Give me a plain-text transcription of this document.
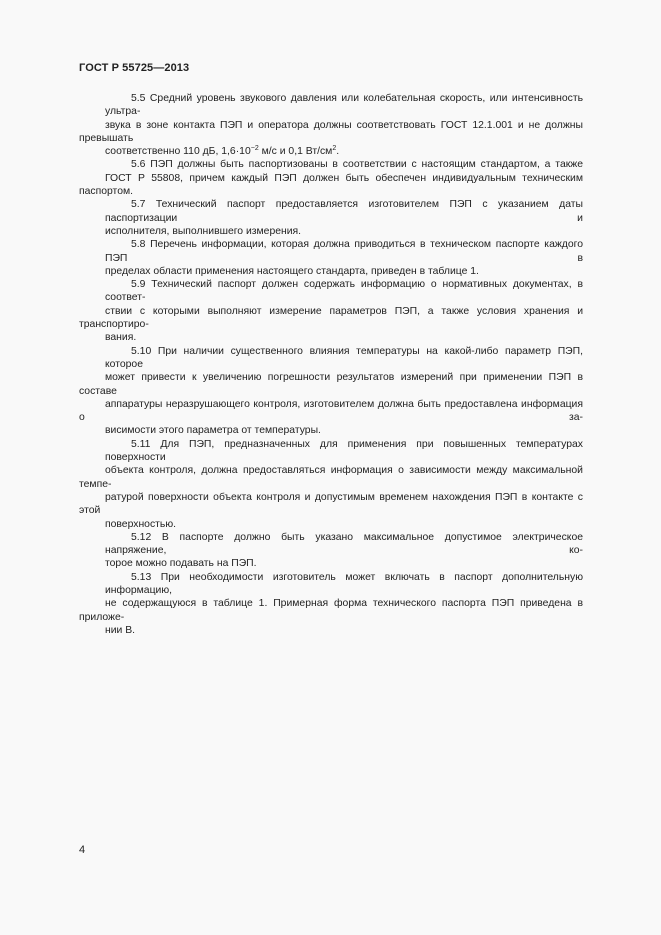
ГОСТ Р 55725—2013
5.5 Средний уровень звукового давления или колебательная скорость, или интенсивность ультра-
звука в зоне контакта ПЭП и оператора должны соответствовать ГОСТ 12.1.001 и не должны превышать
соответственно 110 дБ, $1,6\cdot 10^{-2}$ м/с и 0,1 $Вт/см^2$.
5.6 ПЭП должны быть паспортизованы в соответствии с настоящим стандартом, а также
ГОСТ Р 55808, причем каждый ПЭП должен быть обеспечен индивидуальным техническим паспортом.
5.7 Технический паспорт предоставляется изготовителем ПЭП с указанием даты паспортизации и
исполнителя, выполнившего измерения.
5.8 Перечень информации, которая должна приводиться в техническом паспорте каждого ПЭП в
пределах области применения настоящего стандарта, приведен в таблице 1.
5.9 Технический паспорт должен содержать информацию о нормативных документах, в соответ-
ствии с которыми выполняют измерение параметров ПЭП, а также условия хранения и транспортиро-
вания.
5.10 При наличии существенного влияния температуры на какой-либо параметр ПЭП, которое
может привести к увеличению погрешности результатов измерений при применении ПЭП в составе
аппаратуры неразрушающего контроля, изготовителем должна быть предоставлена информация о за-
висимости этого параметра от температуры.
5.11 Для ПЭП, предназначенных для применения при повышенных температурах поверхности
объекта контроля, должна предоставляться информация о зависимости между максимальной темпе-
ратурой поверхности объекта контроля и допустимым временем нахождения ПЭП в контакте с этой
поверхностью.
5.12 В паспорте должно быть указано максимальное допустимое электрическое напряжение, ко-
торое можно подавать на ПЭП.
5.13 При необходимости изготовитель может включать в паспорт дополнительную информацию,
не содержащуюся в таблице 1. Примерная форма технического паспорта ПЭП приведена в приложе-
нии В.
4
